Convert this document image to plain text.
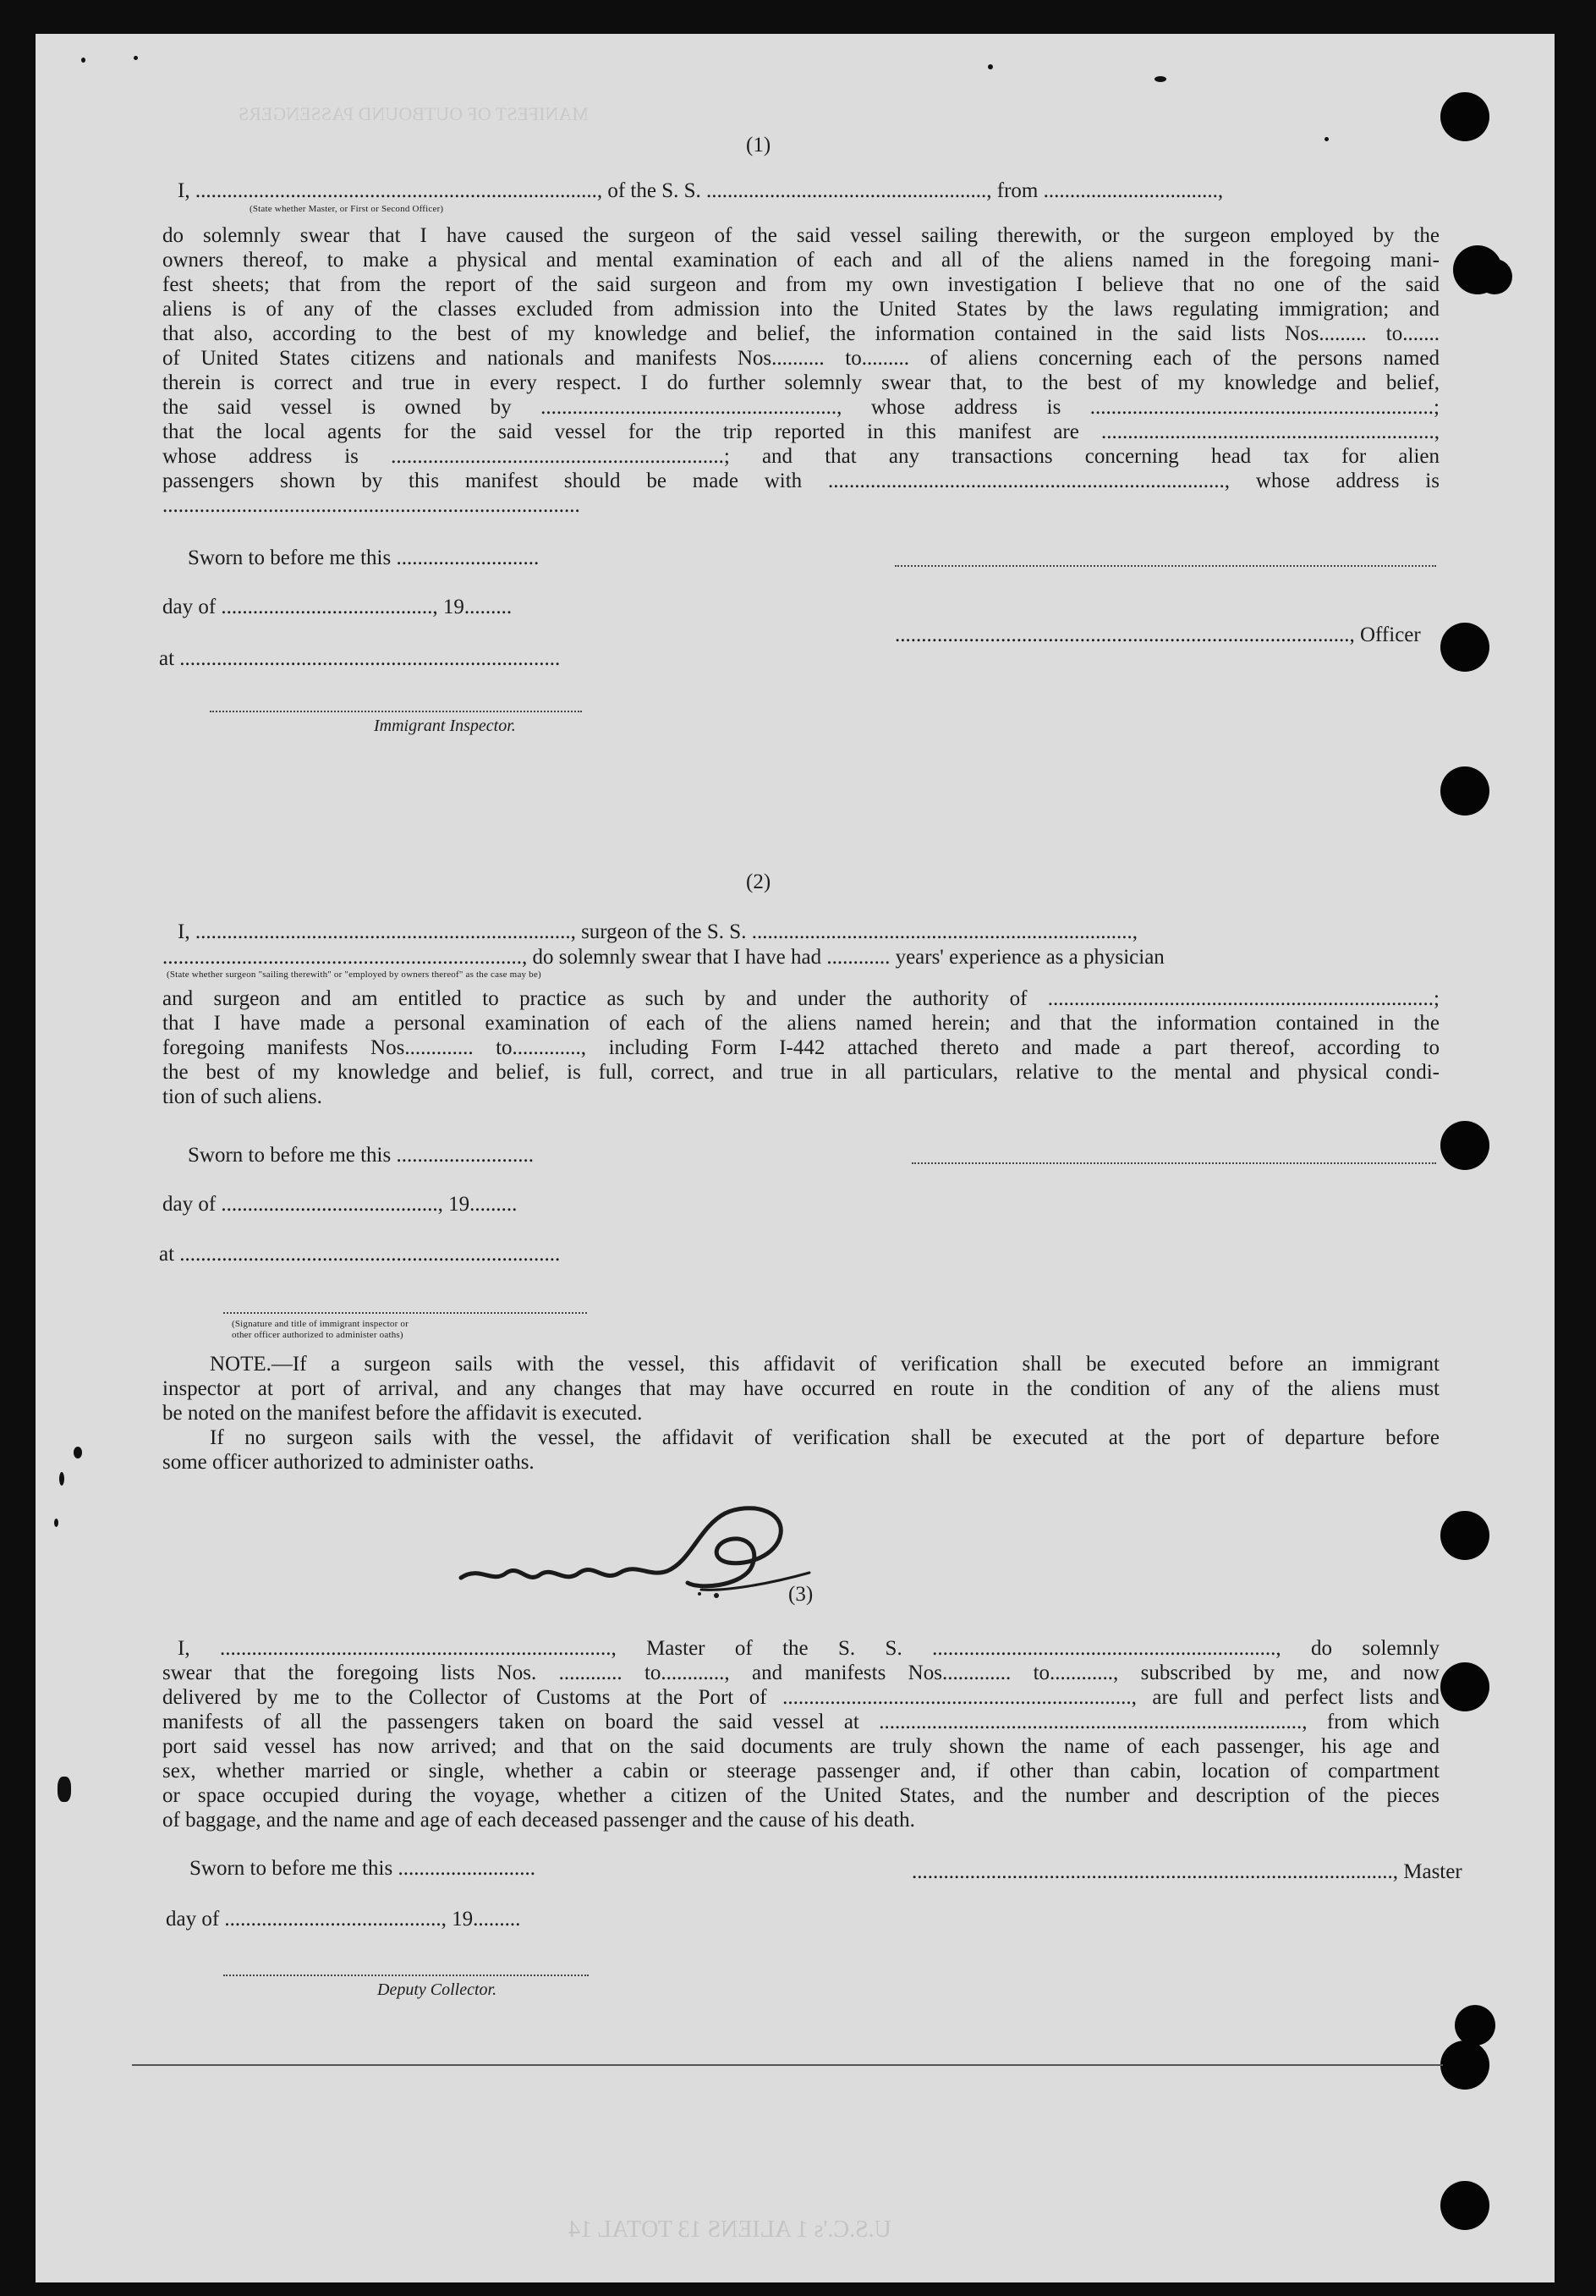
MANIFEST OF OUTBOUND PASSENGERS
U.S.C.'s 1 ALIENS 13 TOTAL 14
(1)
I, ............................................................................, of the S. S. ....................................................., from .................................,
(State whether Master, or First or Second Officer)

do solemnly swear that I have caused the surgeon of the said vessel sailing therewith, or the surgeon employed by the

owners thereof, to make a physical and mental examination of each and all of the aliens named in the foregoing mani-

fest sheets; that from the report of the said surgeon and from my own investigation I believe that no one of the said

aliens is of any of the classes excluded from admission into the United States by the laws regulating immigration; and

that also, according to the best of my knowledge and belief, the information contained in the said lists Nos......... to.......

of United States citizens and nationals and manifests Nos.......... to......... of aliens concerning each of the persons named

therein is correct and true in every respect. I do further solemnly swear that, to the best of my knowledge and belief,

the said vessel is owned by ........................................................, whose address is .................................................................;

that the local agents for the said vessel for the trip reported in this manifest are ...............................................................,

whose address is ...............................................................; and that any transactions concerning head tax for alien

passengers shown by this manifest should be made with ..........................................................................., whose address is

...............................................................................

Sworn to before me this ...........................
day of ........................................, 19.........
......................................................................................, Officer
at ........................................................................
Immigrant Inspector.
(2)
I, ......................................................................., surgeon of the S. S. ........................................................................,
...................................................................., do solemnly swear that I have had ............ years' experience as a physician
(State whether surgeon "sailing therewith" or "employed by owners thereof" as the case may be)

and surgeon and am entitled to practice as such by and under the authority of .........................................................................;

that I have made a personal examination of each of the aliens named herein; and that the information contained in the

foregoing manifests Nos............. to............., including Form I-442 attached thereto and made a part thereof, according to

the best of my knowledge and belief, is full, correct, and true in all particulars, relative to the mental and physical condi-

tion of such aliens.

Sworn to before me this ..........................
day of ........................................., 19.........
at ........................................................................
(Signature and title of immigrant inspector or
other officer authorized to administer oaths)

NOTE.—If a surgeon sails with the vessel, this affidavit of verification shall be executed before an immigrant

inspector at port of arrival, and any changes that may have occurred en route in the condition of any of the aliens must

be noted on the manifest before the affidavit is executed.

If no surgeon sails with the vessel, the affidavit of verification shall be executed at the port of departure before

some officer authorized to administer oaths.

(3)

I, .........................................................................., Master of the S. S. ................................................................., do solemnly

swear that the foregoing lists Nos. ............ to............, and manifests Nos............. to............, subscribed by me, and now

delivered by me to the Collector of Customs at the Port of .................................................................., are full and perfect lists and

manifests of all the passengers taken on board the said vessel at ................................................................................, from which

port said vessel has now arrived; and that on the said documents are truly shown the name of each passenger, his age and

sex, whether married or single, whether a cabin or steerage passenger and, if other than cabin, location of compartment

or space occupied during the voyage, whether a citizen of the United States, and the number and description of the pieces

of baggage, and the name and age of each deceased passenger and the cause of his death.

Sworn to before me this ..........................	..........................................................................................., Master
day of ........................................., 19.........
Deputy Collector.
